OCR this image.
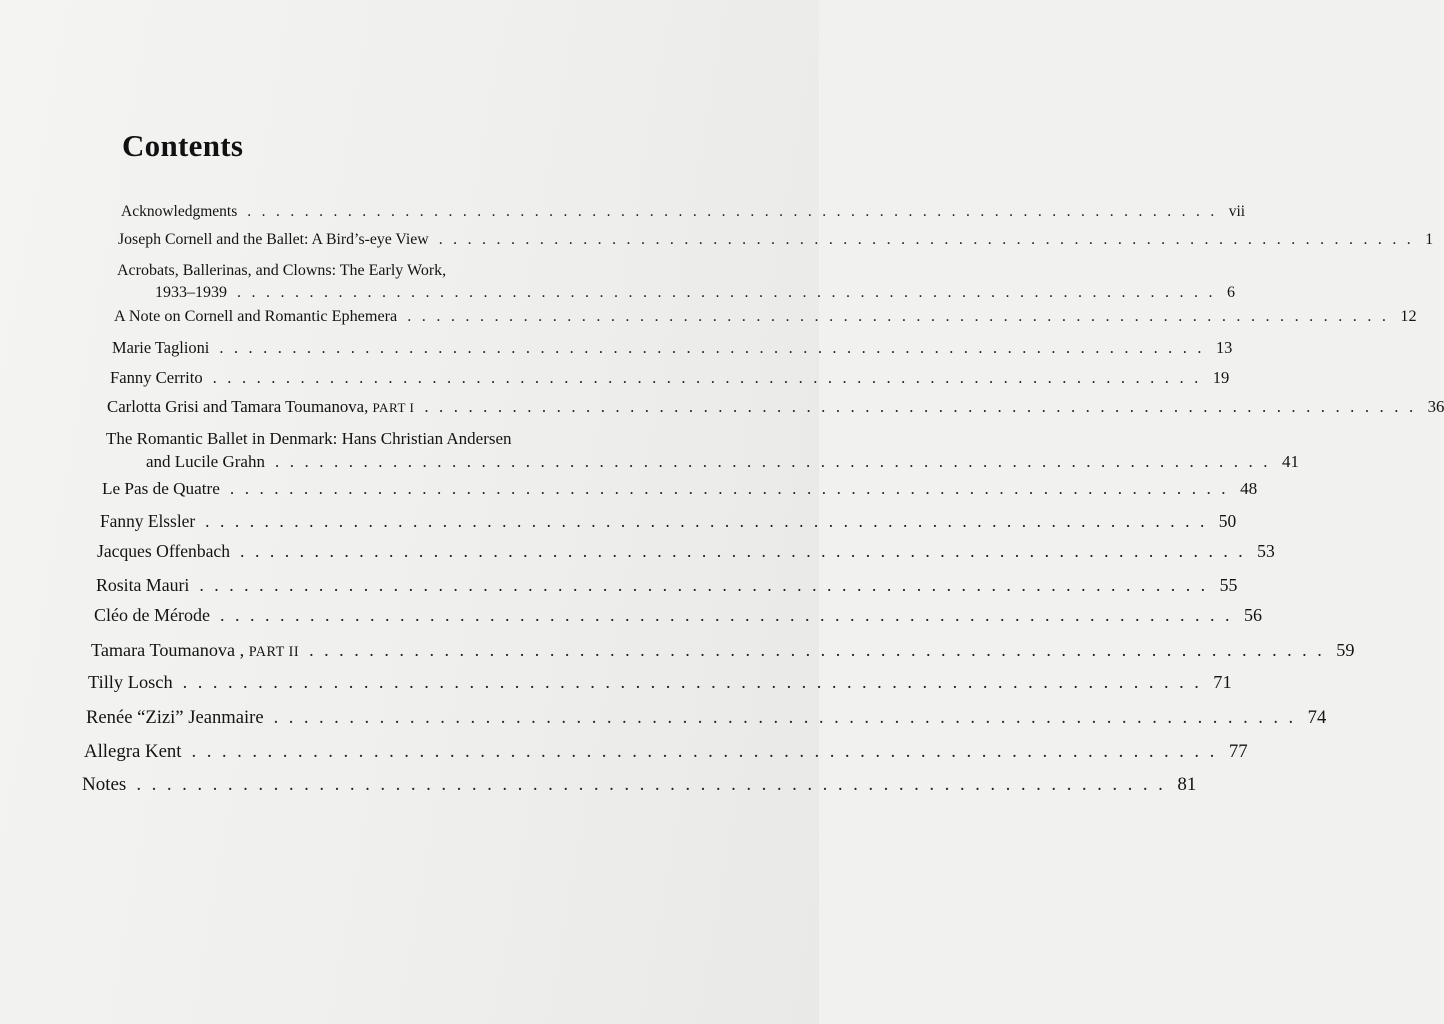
Contents
Acknowledgments .................................................................... vii
Joseph Cornell and the Ballet: A Bird’s-eye View .................................................................... 1
Acrobats, Ballerinas, and Clowns: The Early Work,
1933–1939 .................................................................... 6
A Note on Cornell and Romantic Ephemera .................................................................... 12
Marie Taglioni .................................................................... 13
Fanny Cerrito .................................................................... 19
Carlotta Grisi and Tamara Toumanova, PART I .................................................................... 36
The Romantic Ballet in Denmark: Hans Christian Andersen
and Lucile Grahn .................................................................... 41
Le Pas de Quatre .................................................................... 48
Fanny Elssler .................................................................... 50
Jacques Offenbach .................................................................... 53
Rosita Mauri .................................................................... 55
Cléo de Mérode .................................................................... 56
Tamara Toumanova , PART II .................................................................... 59
Tilly Losch .................................................................... 71
Renée “Zizi” Jeanmaire .................................................................... 74
Allegra Kent .................................................................... 77
Notes .................................................................... 81
